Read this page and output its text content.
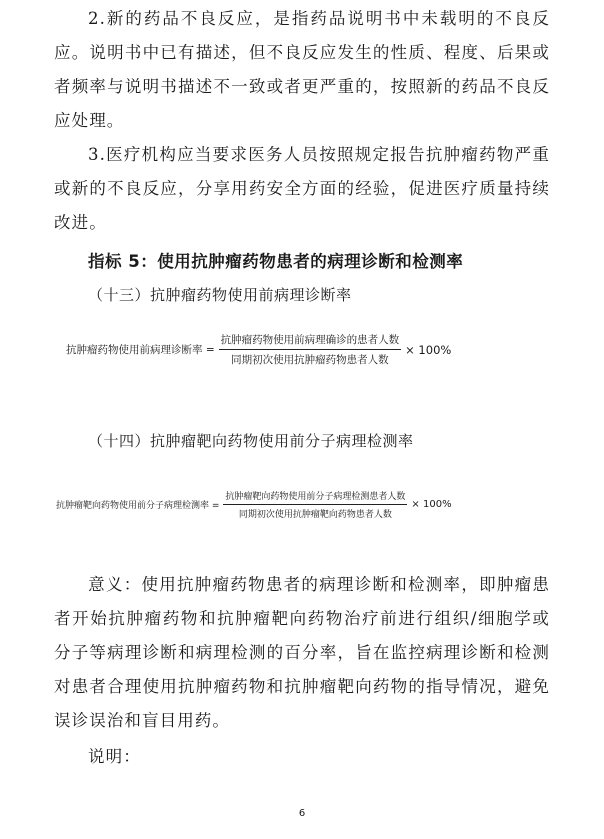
2.新的药品不良反应，是指药品说明书中未载明的不良反应。说明书中已有描述，但不良反应发生的性质、程度、后果或者频率与说明书描述不一致或者更严重的，按照新的药品不良反应处理。

3.医疗机构应当要求医务人员按照规定报告抗肿瘤药物严重或新的不良反应，分享用药安全方面的经验，促进医疗质量持续改进。

指标 5：使用抗肿瘤药物患者的病理诊断和检测率

（十三）抗肿瘤药物使用前病理诊断率

抗肿瘤药物使用前病理诊断率 = $\frac{\text{抗肿瘤药物使用前病理确诊的患者人数}}{\text{同期初次使用抗肿瘤药物患者人数}} \times 100\%$

（十四）抗肿瘤靶向药物使用前分子病理检测率

抗肿瘤靶向药物使用前分子病理检测率 = $\frac{\text{抗肿瘤靶向药物使用前分子病理检测患者人数}}{\text{同期初次使用抗肿瘤靶向药物患者人数}} \times 100\%$

意义：使用抗肿瘤药物患者的病理诊断和检测率，即肿瘤患者开始抗肿瘤药物和抗肿瘤靶向药物治疗前进行组织/细胞学或分子等病理诊断和病理检测的百分率，旨在监控病理诊断和检测对患者合理使用抗肿瘤药物和抗肿瘤靶向药物的指导情况，避免误诊误治和盲目用药。

说明：

6
